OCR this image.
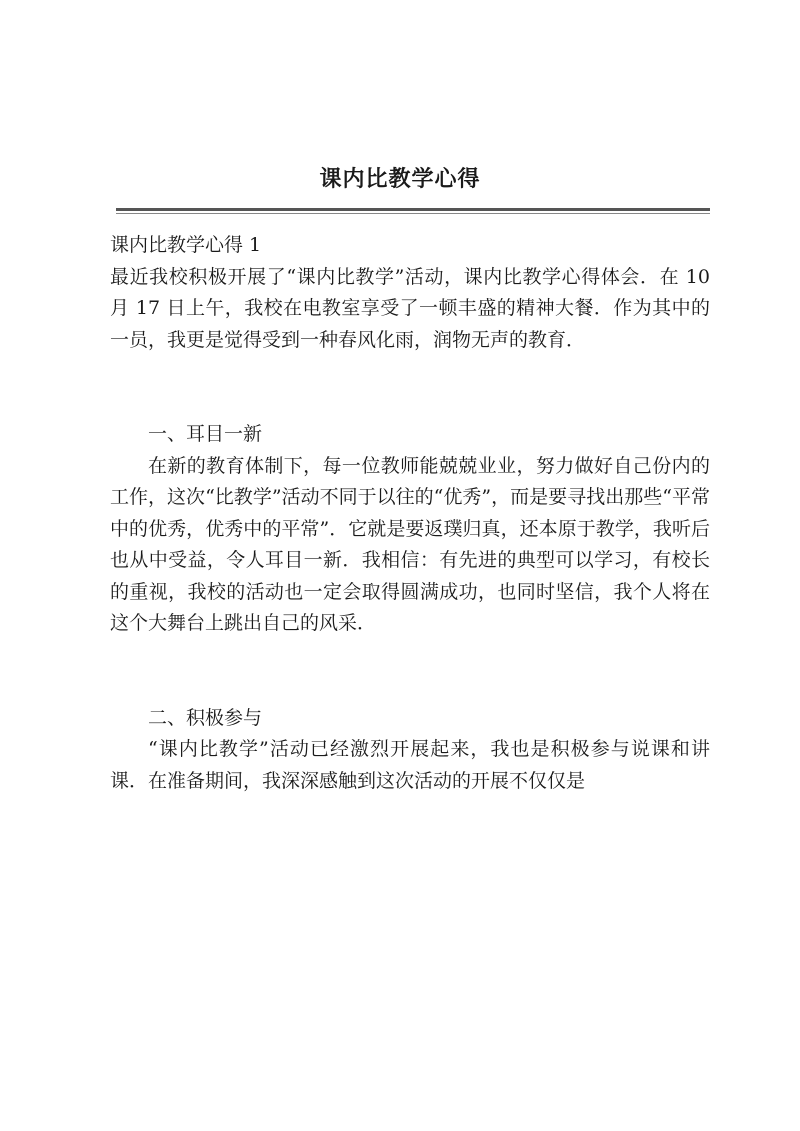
课内比教学心得

课内比教学心得 1

最近我校积极开展了“课内比教学”活动，课内比教学心得体会．在 10 月 17 日上午，我校在电教室享受了一顿丰盛的精神大餐．作为其中的一员，我更是觉得受到一种春风化雨，润物无声的教育．

一、耳目一新

在新的教育体制下，每一位教师能兢兢业业，努力做好自己份内的工作，这次“比教学”活动不同于以往的“优秀”，而是要寻找出那些“平常中的优秀，优秀中的平常”．它就是要返璞归真，还本原于教学，我听后也从中受益，令人耳目一新．我相信：有先进的典型可以学习，有校长的重视，我校的活动也一定会取得圆满成功，也同时坚信，我个人将在这个大舞台上跳出自己的风采．

二、积极参与

“课内比教学”活动已经激烈开展起来，我也是积极参与说课和讲课．在准备期间，我深深感触到这次活动的开展不仅仅是
